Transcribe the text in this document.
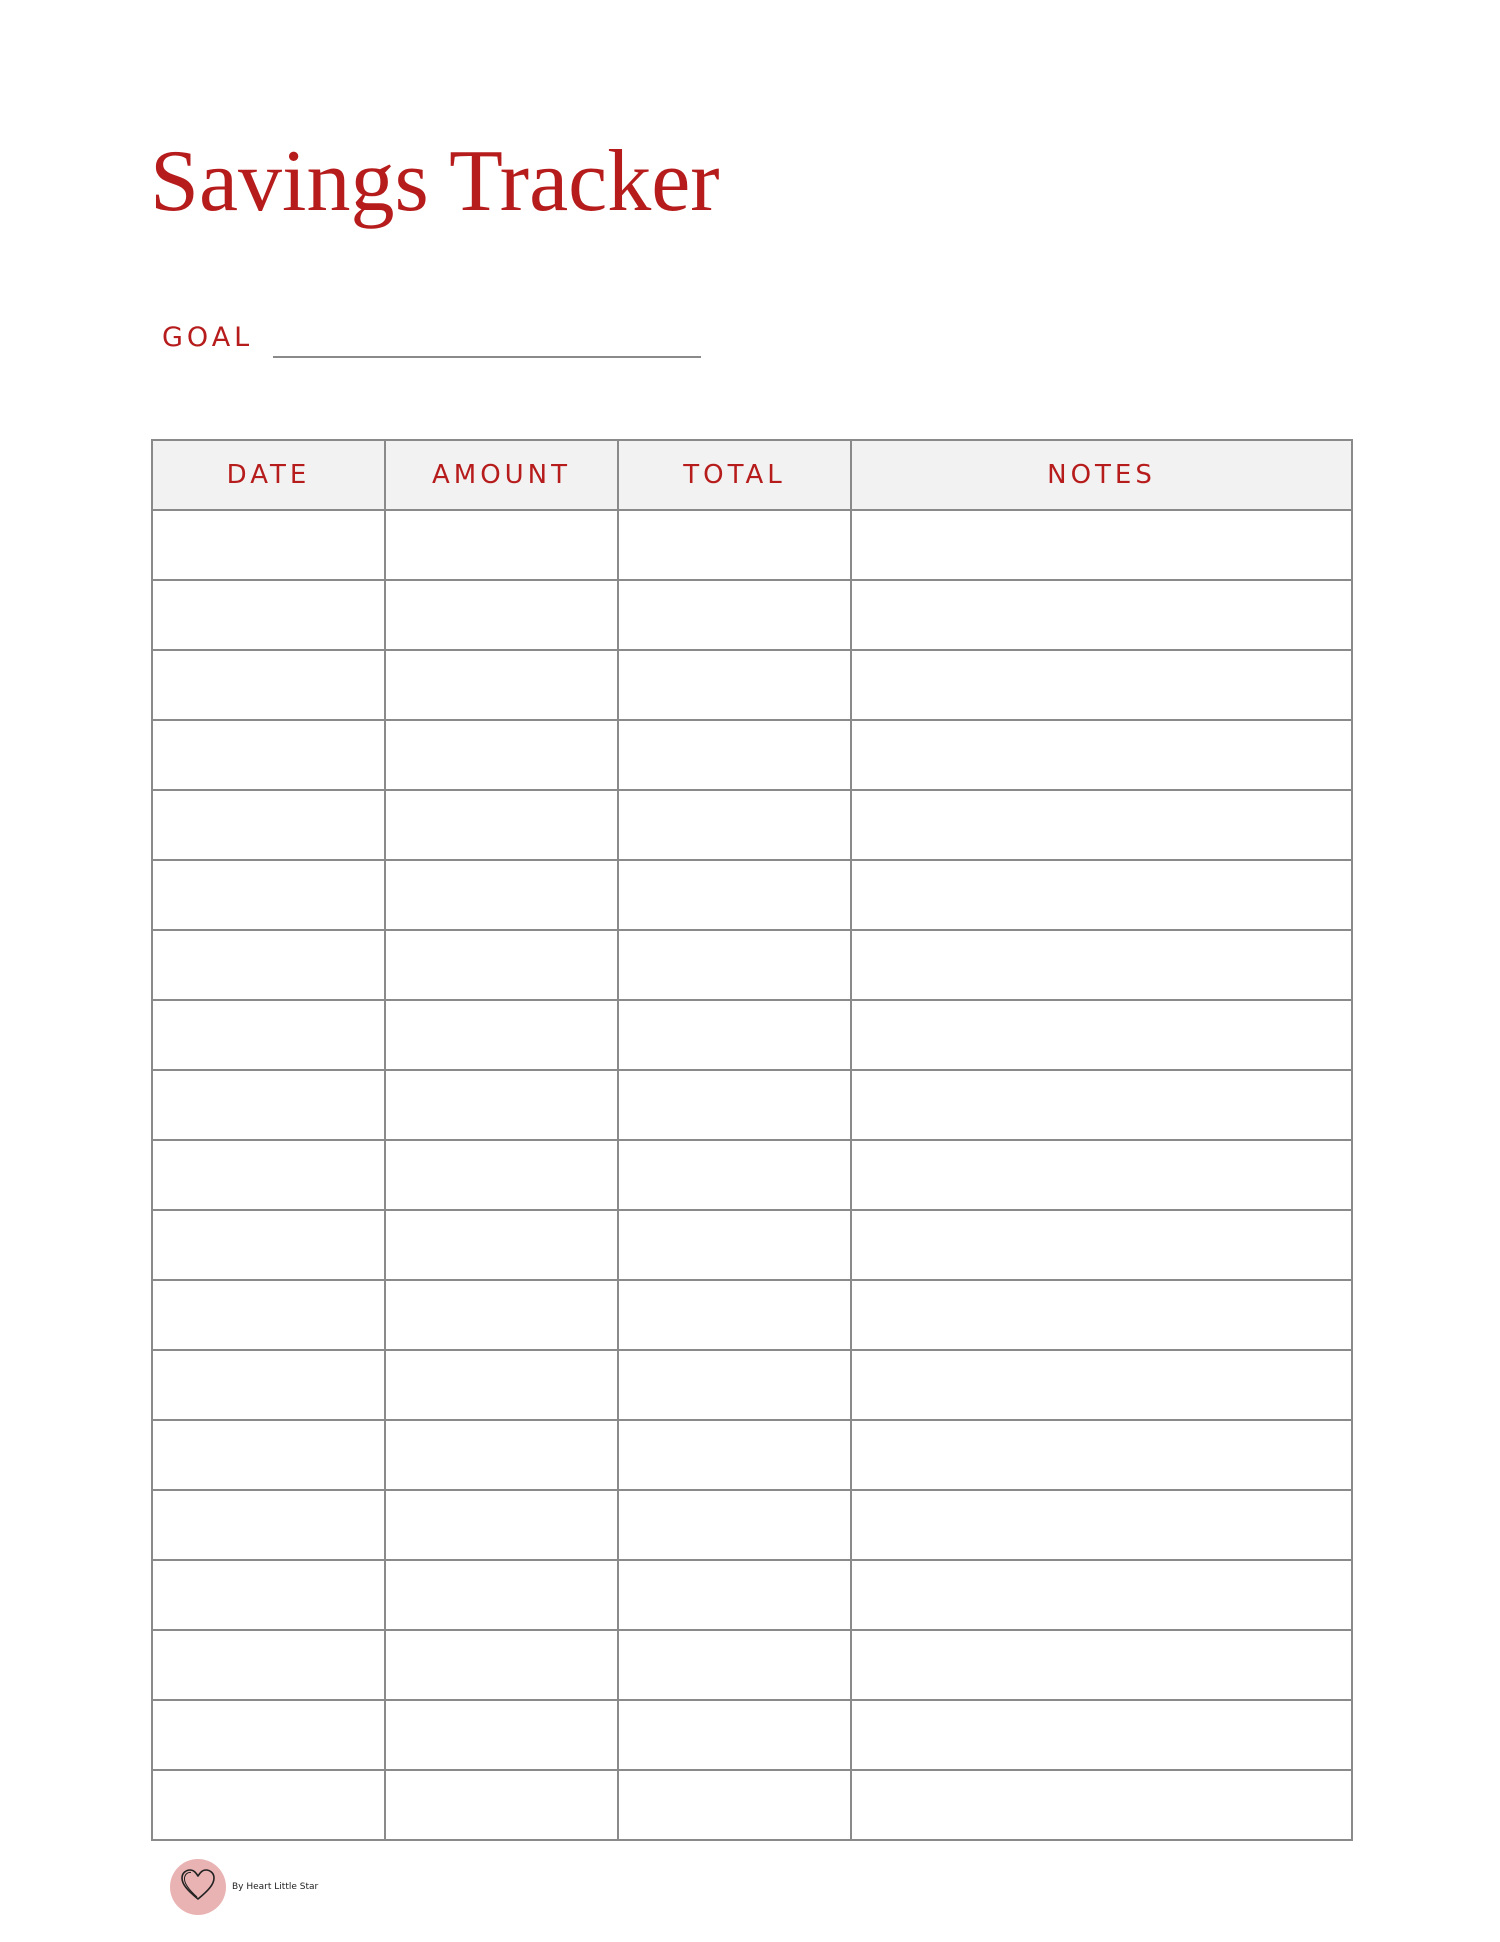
Savings Tracker
GOAL
DATE	AMOUNT	TOTAL	NOTES

By Heart Little Star
